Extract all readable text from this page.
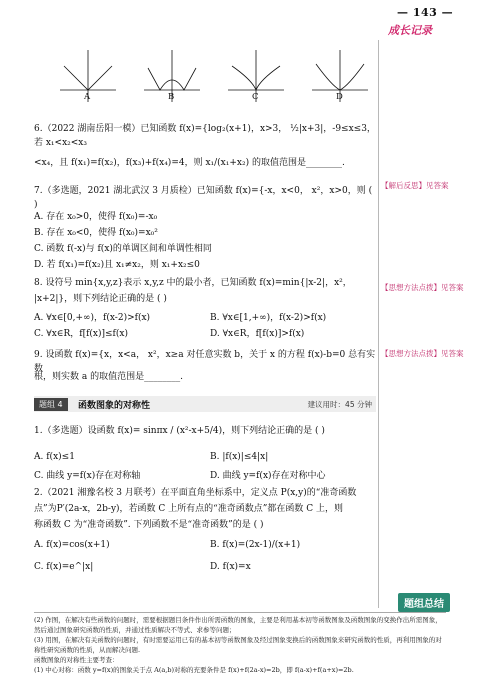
— 143 —
成长记录
A	B	C	D
6.（2022 湖南岳阳一模）已知函数 f(x)={log₂(x+1)，x>3， ½|x+3|，-9≤x≤3，若 x₁<x₂<x₃
<x₄，且 f(x₁)=f(x₂)，f(x₃)+f(x₄)=4，则 x₁/(x₁+x₂) 的取值范围是________.
7.（多选题，2021 湖北武汉 3 月质检）已知函数 f(x)={-x，x<0， x²，x>0，则 ( )
【解后反思】见答案
A. 存在 x₀>0，使得 f(x₀)=-x₀
B. 存在 x₀<0，使得 f(x₀)=x₀²
C. 函数 f(-x)与 f(x)的单调区间和单调性相同
D. 若 f(x₁)=f(x₂)且 x₁≠x₂，则 x₁+x₂≤0
8. 设符号 min{x,y,z}表示 x,y,z 中的最小者，已知函数 f(x)=min{|x-2|，x²，
|x+2|}，则下列结论正确的是 ( )
【思想方法点拨】见答案
A. ∀x∈[0,+∞)，f(x-2)>f(x)	B. ∀x∈[1,+∞)，f(x-2)>f(x)
C. ∀x∈R，f[f(x)]≤f(x)	D. ∀x∈R，f[f(x)]>f(x)
9. 设函数 f(x)={x，x<a， x²，x≥a 对任意实数 b，关于 x 的方程 f(x)-b=0 总有实数
根，则实数 a 的取值范围是________.
【思想方法点拨】见答案
题组 4	函数图象的对称性	建议用时：45 分钟
1.（多选题）设函数 f(x)= sinπx / (x²-x+5/4)，则下列结论正确的是 ( )
A. f(x)≤1	B. |f(x)|≤4|x|
C. 曲线 y=f(x)存在对称轴	D. 曲线 y=f(x)存在对称中心
2.（2021 湘豫名校 3 月联考）在平面直角坐标系中，定义点 P(x,y)的“准奇函数
点”为P′(2a-x，2b-y)，若函数 C 上所有点的“准奇函数点”都在函数 C 上，则
称函数 C 为“准奇函数”. 下列函数不是“准奇函数”的是 ( )
A. f(x)=cos(x+1)	B. f(x)=(2x-1)/(x+1)
C. f(x)=e^|x|	D. f(x)=x
题组总结
(2) 作图，在解决有些函数的问题时，需要根据题目条件作出所需函数的图象，主要是利用基本初等函数图象及函数图象的变换作出所需图象，然后通过图象研究函数的性质，并通过性质解决不等式、求参等问题；
(3) 用图，在解决有关函数的问题时，有时需要运用已有的基本初等函数图象及经过图象变换后的函数图象来研究函数的性质，再利用图象的对称性研究函数的性质，从而解决问题.
函数图象的对称性主要考查：
(1) 中心对称：函数 y=f(x)的图象关于点 A(a,b)对称的充要条件是 f(x)+f(2a-x)=2b，即 f(a-x)+f(a+x)=2b.
